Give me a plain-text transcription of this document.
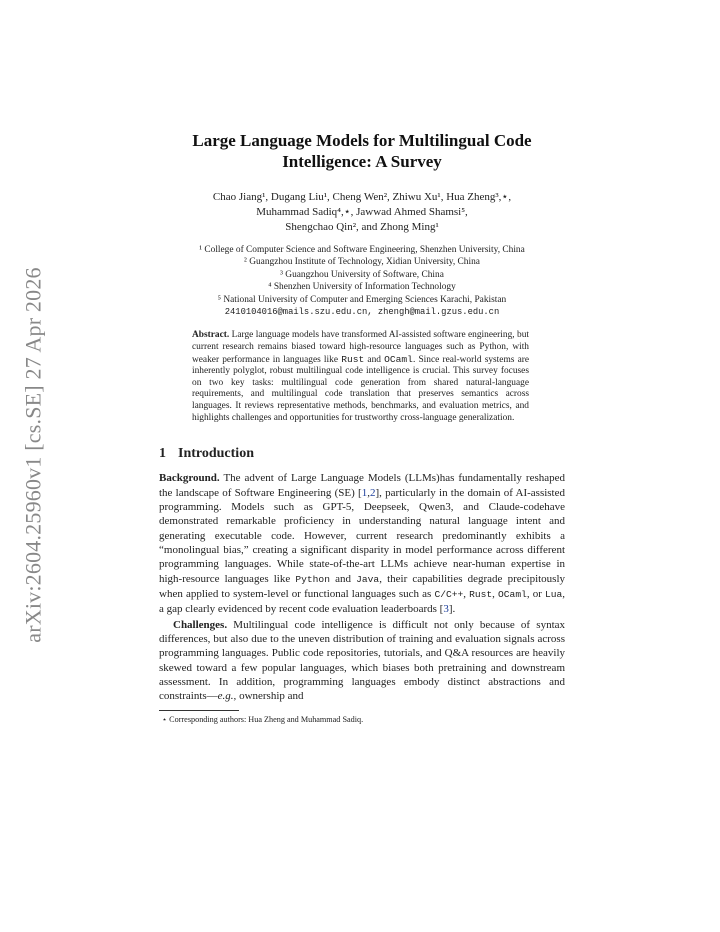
arXiv:2604.25960v1 [cs.SE] 27 Apr 2026
Large Language Models for Multilingual Code
Intelligence: A Survey
Chao Jiang¹, Dugang Liu¹, Cheng Wen², Zhiwu Xu¹, Hua Zheng³,⋆,
Muhammad Sadiq⁴,⋆, Jawwad Ahmed Shamsi⁵,
Shengchao Qin², and Zhong Ming¹
¹ College of Computer Science and Software Engineering, Shenzhen University, China
² Guangzhou Institute of Technology, Xidian University, China
³ Guangzhou University of Software, China
⁴ Shenzhen University of Information Technology
⁵ National University of Computer and Emerging Sciences Karachi, Pakistan
2410104016@mails.szu.edu.cn, zhengh@mail.gzus.edu.cn
Abstract. Large language models have transformed AI-assisted software engineering, but current research remains biased toward high-resource languages such as Python, with weaker performance in languages like Rust and OCaml. Since real-world systems are inherently polyglot, robust multilingual code intelligence is crucial. This survey focuses on two key tasks: multilingual code generation from shared natural-language requirements, and multilingual code translation that preserves semantics across languages. It reviews representative methods, benchmarks, and evaluation metrics, and highlights challenges and opportunities for trustworthy cross-language generalization.
1 Introduction

Background. The advent of Large Language Models (LLMs)has fundamentally reshaped the landscape of Software Engineering (SE) [1,2], particularly in the domain of AI-assisted programming. Models such as GPT-5, Deepseek, Qwen3, and Claude-codehave demonstrated remarkable proficiency in understanding natural language intent and generating executable code. However, current research predominantly exhibits a “monolingual bias,” creating a significant disparity in model performance across different programming languages. While state-of-the-art LLMs achieve near-human expertise in high-resource languages like Python and Java, their capabilities degrade precipitously when applied to system-level or functional languages such as C/C++, Rust, OCaml, or Lua, a gap clearly evidenced by recent code evaluation leaderboards [3].

Challenges. Multilingual code intelligence is difficult not only because of syntax differences, but also due to the uneven distribution of training and evaluation signals across programming languages. Public code repositories, tutorials, and Q&A resources are heavily skewed toward a few popular languages, which biases both pretraining and downstream assessment. In addition, programming languages embody distinct abstractions and constraints—e.g., ownership and

⋆ Corresponding authors: Hua Zheng and Muhammad Sadiq.
